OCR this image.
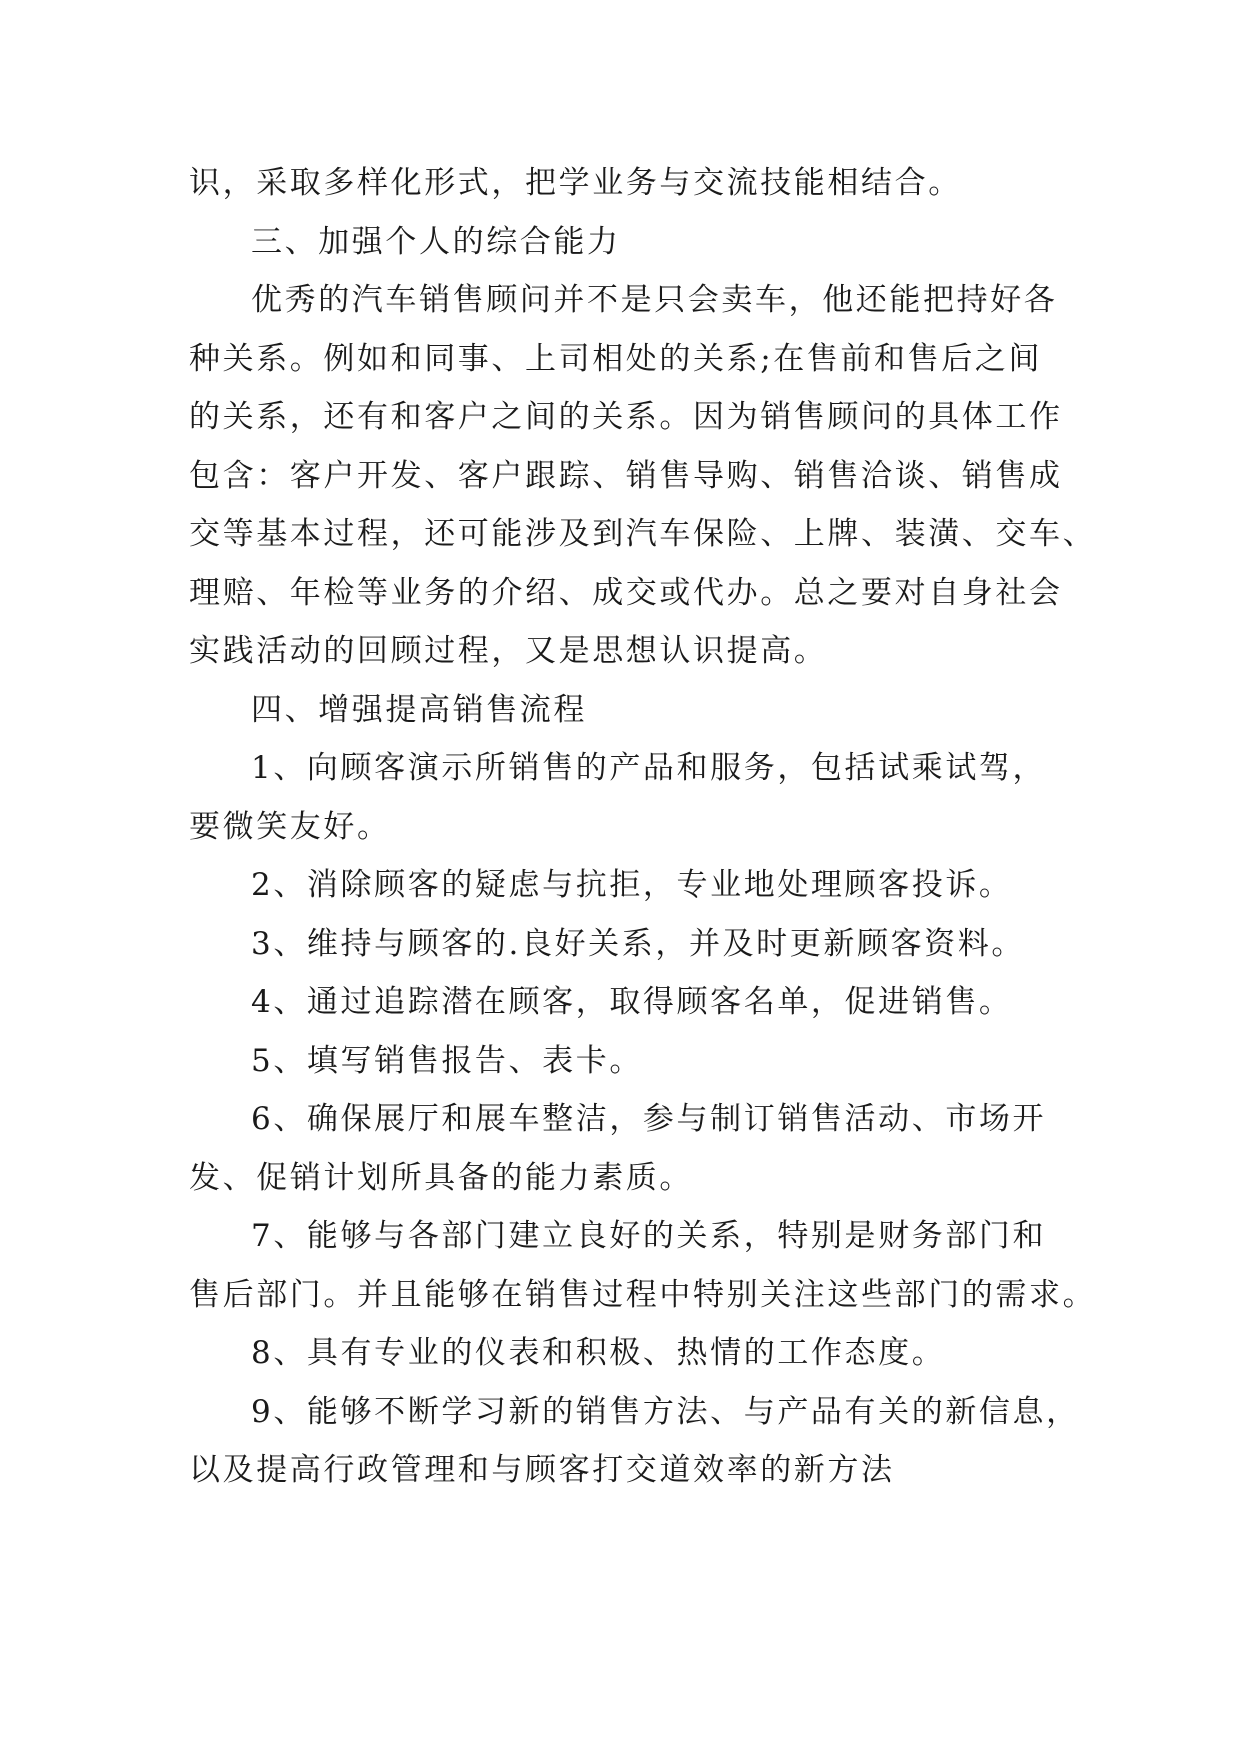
识，采取多样化形式，把学业务与交流技能相结合。
三、加强个人的综合能力
优秀的汽车销售顾问并不是只会卖车，他还能把持好各
种关系。例如和同事、上司相处的关系;在售前和售后之间
的关系，还有和客户之间的关系。因为销售顾问的具体工作
包含：客户开发、客户跟踪、销售导购、销售洽谈、销售成
交等基本过程，还可能涉及到汽车保险、上牌、装潢、交车、
理赔、年检等业务的介绍、成交或代办。总之要对自身社会
实践活动的回顾过程，又是思想认识提高。
四、增强提高销售流程
1、向顾客演示所销售的产品和服务，包括试乘试驾，
要微笑友好。
2、消除顾客的疑虑与抗拒，专业地处理顾客投诉。
3、维持与顾客的.良好关系，并及时更新顾客资料。
4、通过追踪潜在顾客，取得顾客名单，促进销售。
5、填写销售报告、表卡。
6、确保展厅和展车整洁，参与制订销售活动、市场开
发、促销计划所具备的能力素质。
7、能够与各部门建立良好的关系，特别是财务部门和
售后部门。并且能够在销售过程中特别关注这些部门的需求。
8、具有专业的仪表和积极、热情的工作态度。
9、能够不断学习新的销售方法、与产品有关的新信息，
以及提高行政管理和与顾客打交道效率的新方法
